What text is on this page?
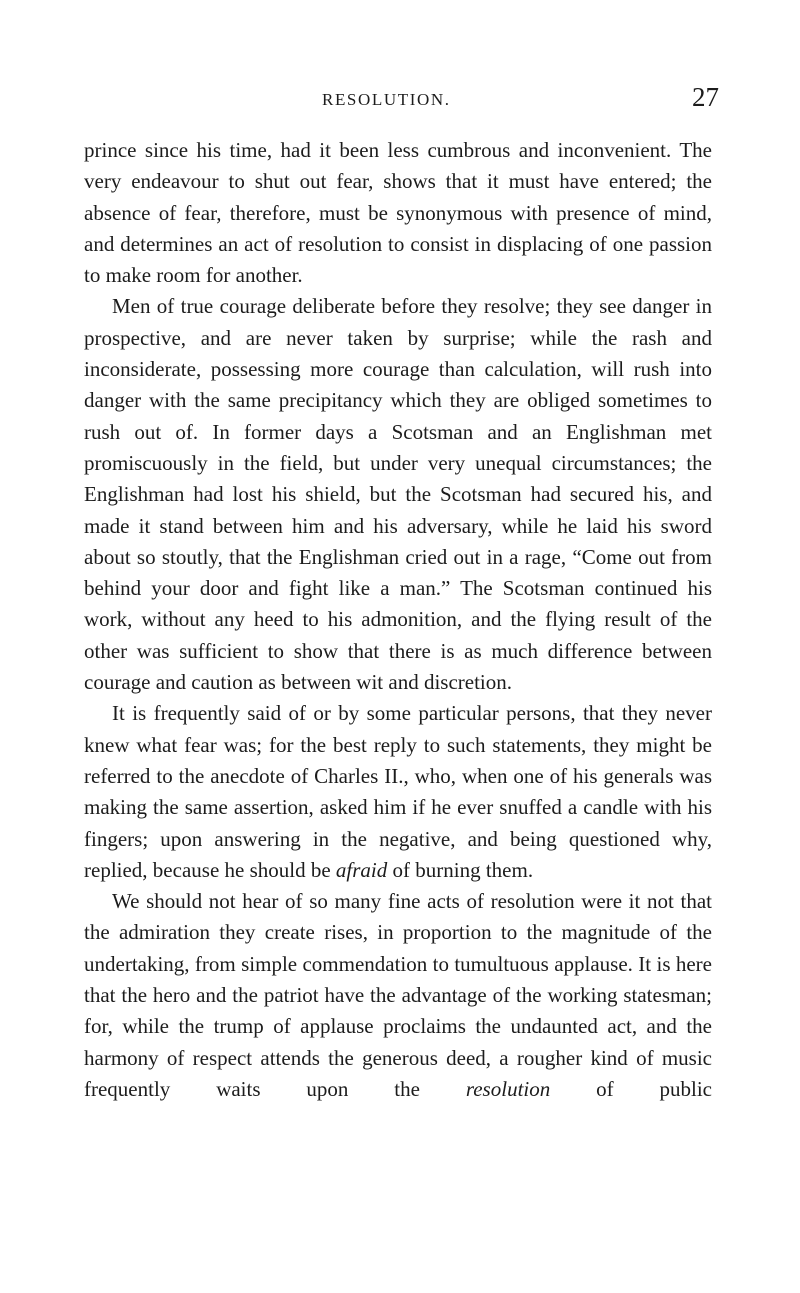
RESOLUTION.	27

prince since his time, had it been less cumbrous and inconvenient. The very endeavour to shut out fear, shows that it must have entered; the absence of fear, therefore, must be synonymous with presence of mind, and determines an act of resolution to consist in displacing of one passion to make room for another.

Men of true courage deliberate before they resolve; they see danger in prospective, and are never taken by surprise; while the rash and inconsiderate, possessing more courage than calculation, will rush into danger with the same precipitancy which they are obliged sometimes to rush out of. In former days a Scotsman and an Englishman met promiscuously in the field, but under very unequal circumstances; the Englishman had lost his shield, but the Scotsman had secured his, and made it stand between him and his adversary, while he laid his sword about so stoutly, that the Englishman cried out in a rage, “Come out from behind your door and fight like a man.” The Scotsman continued his work, without any heed to his admonition, and the flying result of the other was sufficient to show that there is as much difference between courage and caution as between wit and discretion.

It is frequently said of or by some particular persons, that they never knew what fear was; for the best reply to such statements, they might be referred to the anecdote of Charles II., who, when one of his generals was making the same assertion, asked him if he ever snuffed a candle with his fingers; upon answering in the negative, and being questioned why, replied, because he should be afraid of burning them.

We should not hear of so many fine acts of resolution were it not that the admiration they create rises, in proportion to the magnitude of the undertaking, from simple commendation to tumultuous applause. It is here that the hero and the patriot have the advantage of the working statesman; for, while the trump of applause proclaims the undaunted act, and the harmony of respect attends the generous deed, a rougher kind of music frequently waits upon the resolution of public
